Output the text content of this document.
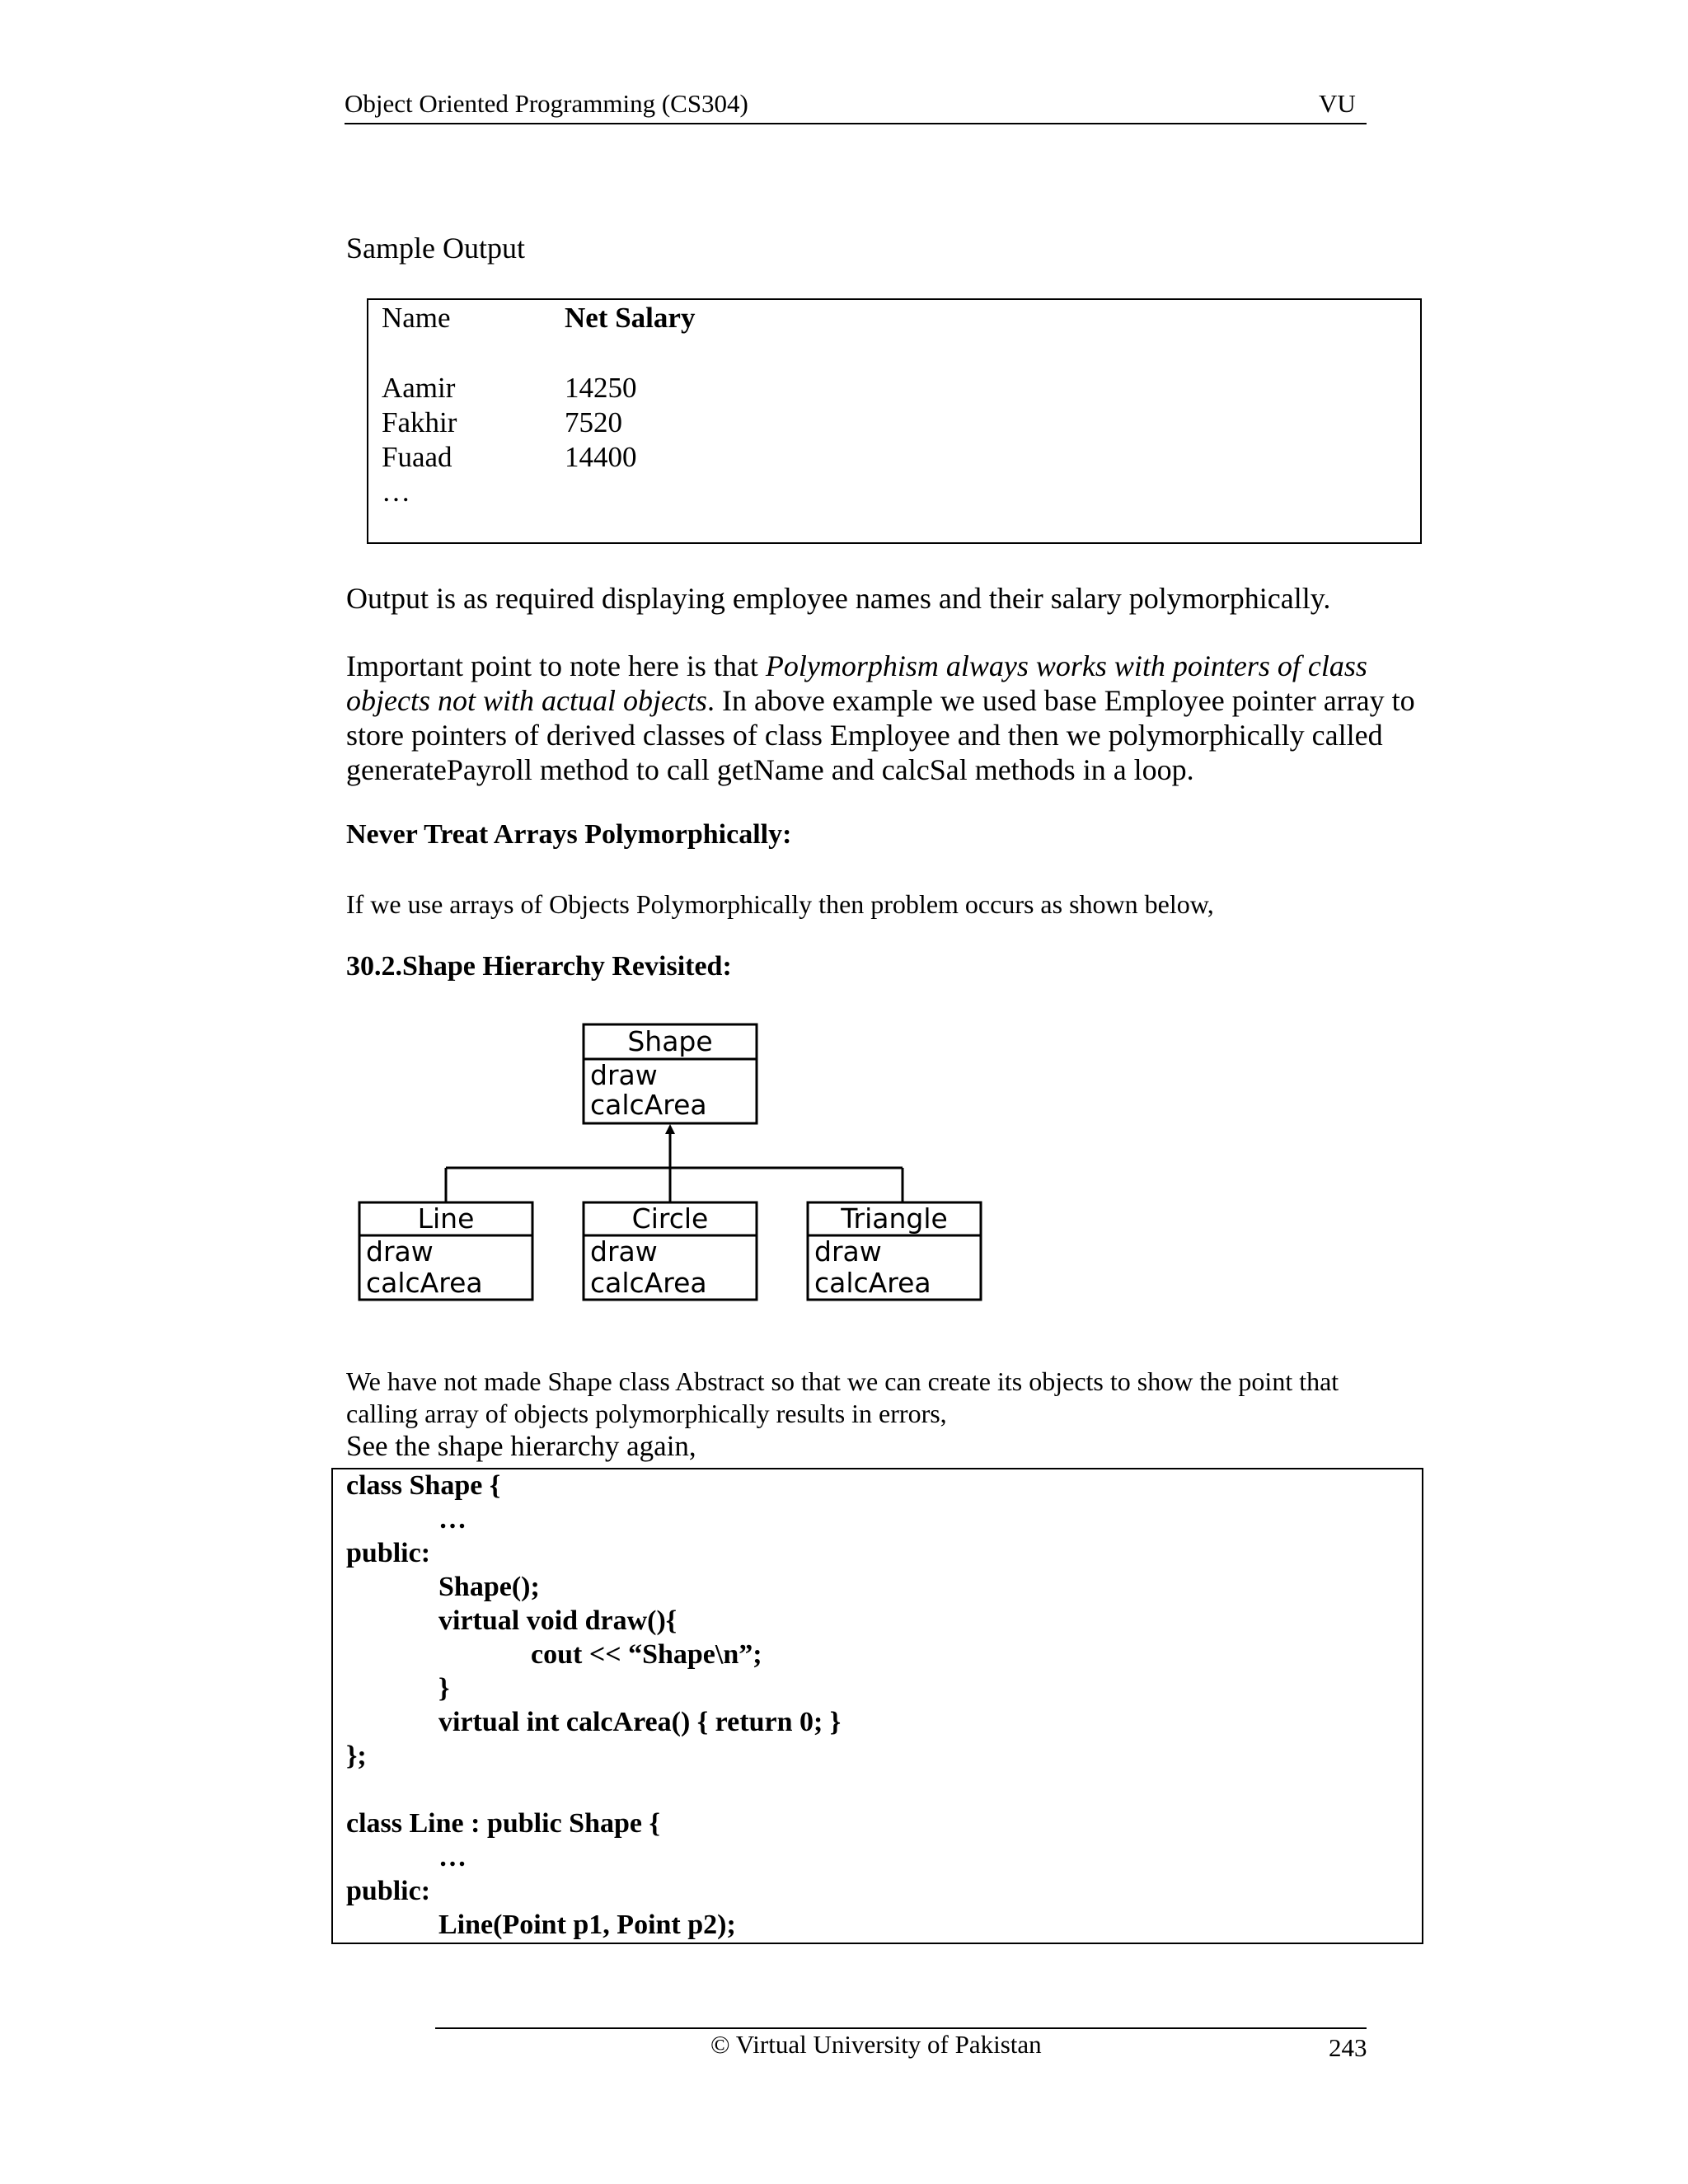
Object Oriented Programming (CS304)	VU
Sample Output
Name	Net Salary
Aamir	14250
Fakhir	7520
Fuaad	14400
…
Output is as required displaying employee names and their salary polymorphically.
Important point to note here is that Polymorphism always works with pointers of class objects not with actual objects. In above example we used base Employee pointer array to store pointers of derived classes of class Employee and then we polymorphically called generatePayroll method to call getName and calcSal methods in a loop.
Never Treat Arrays Polymorphically:
If we use arrays of Objects Polymorphically then problem occurs as shown below,
30.2.Shape Hierarchy Revisited:
Shape
draw
calcArea
Line
draw
calcArea
Circle
draw
calcArea
Triangle
draw
calcArea
We have not made Shape class Abstract so that we can create its objects to show the point that
calling array of objects polymorphically results in errors,
See the shape hierarchy again,
class Shape {
…
public:
Shape();
virtual void draw(){
cout << “Shape\n”;
}
virtual int calcArea() { return 0; }
};
class Line : public Shape {
…
public:
Line(Point p1, Point p2);
© Virtual University of Pakistan	243
